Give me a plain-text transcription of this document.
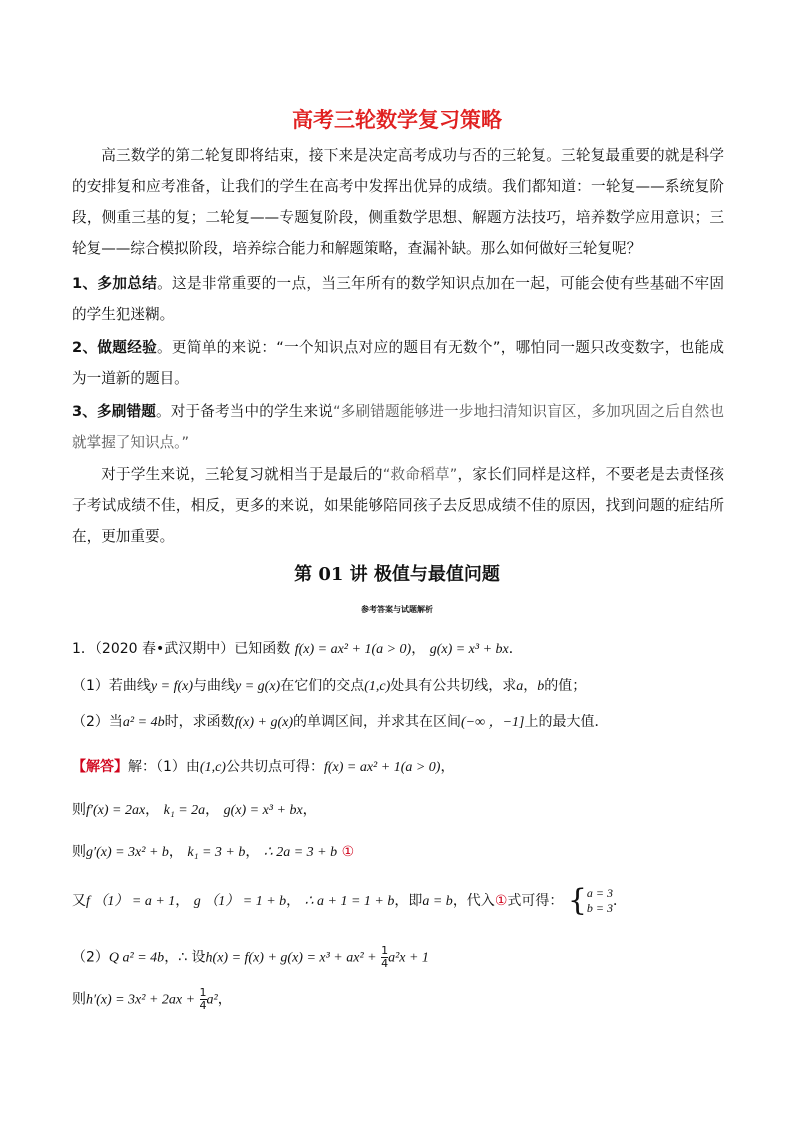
高考三轮数学复习策略
高三数学的第二轮复即将结束，接下来是决定高考成功与否的三轮复。三轮复最重要的就是科学的安排复和应考准备，让我们的学生在高考中发挥出优异的成绩。我们都知道：一轮复——系统复阶段，侧重三基的复；二轮复——专题复阶段，侧重数学思想、解题方法技巧，培养数学应用意识；三轮复——综合模拟阶段，培养综合能力和解题策略，查漏补缺。那么如何做好三轮复呢？
1、多加总结。这是非常重要的一点，当三年所有的数学知识点加在一起，可能会使有些基础不牢固的学生犯迷糊。
2、做题经验。更简单的来说：“一个知识点对应的题目有无数个”，哪怕同一题只改变数字，也能成为一道新的题目。
3、多刷错题。对于备考当中的学生来说“多刷错题能够进一步地扫清知识盲区，多加巩固之后自然也就掌握了知识点。”
对于学生来说，三轮复习就相当于是最后的“救命稻草”，家长们同样是这样，不要老是去责怪孩子考试成绩不佳，相反，更多的来说，如果能够陪同孩子去反思成绩不佳的原因，找到问题的症结所在，更加重要。
第 01 讲 极值与最值问题
参考答案与试题解析
1．（2020 春•武汉期中）已知函数 f(x) = ax² + 1(a > 0)， g(x) = x³ + bx．
（1）若曲线y = f(x)与曲线y = g(x)在它们的交点(1,c)处具有公共切线，求a，b的值；
（2）当a² = 4b时，求函数f(x) + g(x)的单调区间，并求其在区间(−∞ ，−1]上的最大值．
【解答】解：（1）由(1,c)公共切点可得：f(x) = ax² + 1(a > 0)，
则f′(x) = 2ax， k₁ = 2a， g(x) = x³ + bx，
则g′(x) = 3x² + b， k₁ = 3 + b， ∴ 2a = 3 + b ①
又f （1） = a + 1， g （1） = 1 + b， ∴ a + 1 = 1 + b，即a = b，代入①式可得： { a = 3
b = 3 ．
（2）Q a² = 4b，∴ 设$h(x) = f(x) + g(x) = x^3 + ax^2 + \frac{1}{4} a^2x + 1$
则$h'(x) = 3x^2 + 2ax + \frac{1}{4} a^2$，
